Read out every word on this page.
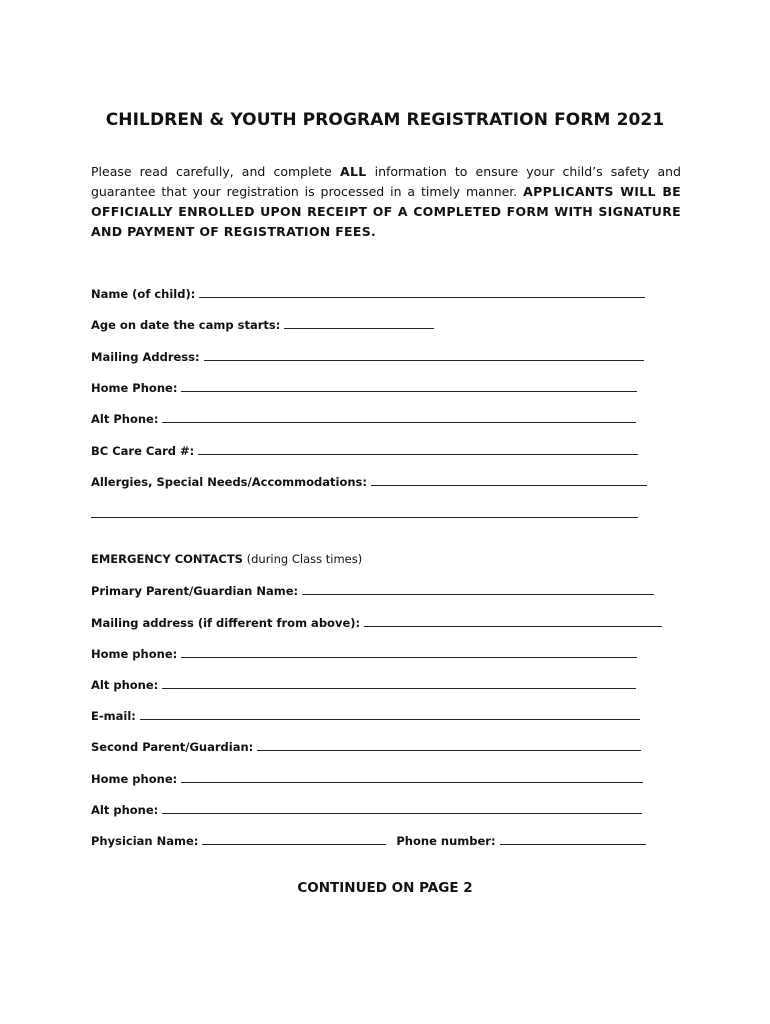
CHILDREN & YOUTH PROGRAM REGISTRATION FORM 2021
Please read carefully, and complete ALL information to ensure your child’s safety and guarantee that your registration is processed in a timely manner. APPLICANTS WILL BE OFFICIALLY ENROLLED UPON RECEIPT OF A COMPLETED FORM WITH SIGNATURE AND PAYMENT OF REGISTRATION FEES.
Name (of child):
Age on date the camp starts:
Mailing Address:
Home Phone:
Alt Phone:
BC Care Card #:
Allergies, Special Needs/Accommodations:
EMERGENCY CONTACTS (during Class times)
Primary Parent/Guardian Name:
Mailing address (if different from above):
Home phone:
Alt phone:
E-mail:
Second Parent/Guardian:
Home phone:
Alt phone:
Physician Name:	Phone number:
CONTINUED ON PAGE 2
